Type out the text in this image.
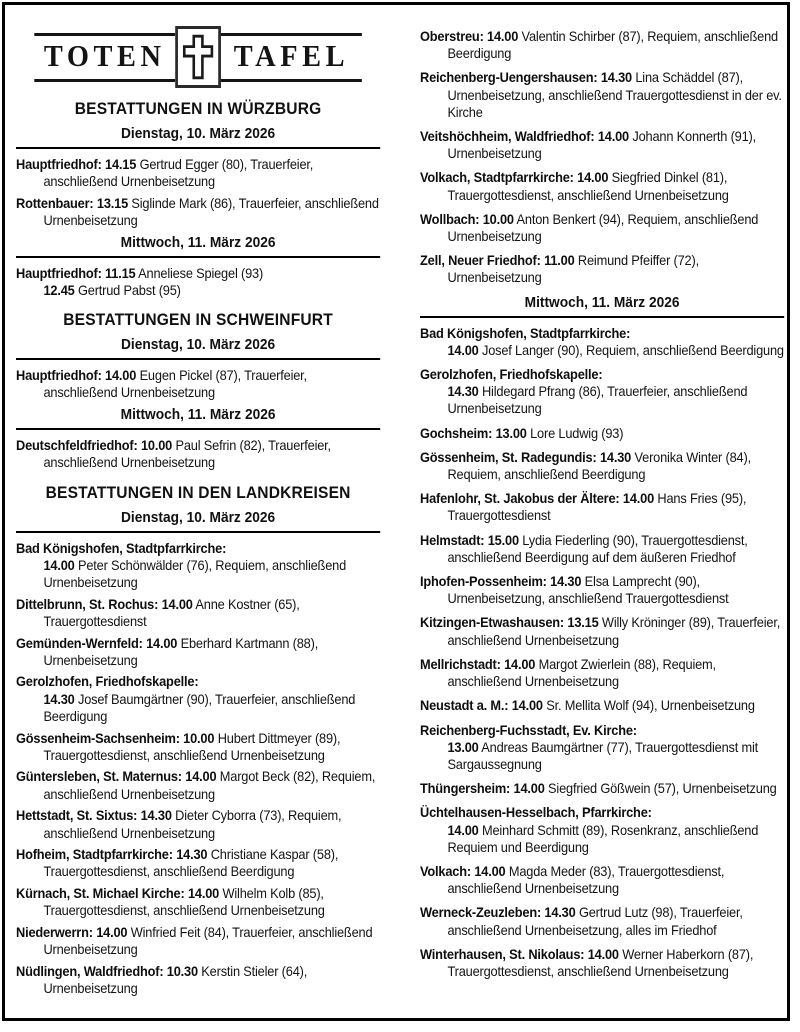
TOTEN	TAFEL
BESTATTUNGEN IN WÜRZBURG
Dienstag, 10. März 2026

Hauptfriedhof: 14.15 Gertrud Egger (80), Trauerfeier, anschließend Urnenbeisetzung

Rottenbauer: 13.15 Siglinde Mark (86), Trauerfeier, anschließend Urnenbeisetzung

Mittwoch, 11. März 2026

Hauptfriedhof: 11.15 Anneliese Spiegel (93)
12.45 Gertrud Pabst (95)

BESTATTUNGEN IN SCHWEINFURT
Dienstag, 10. März 2026

Hauptfriedhof: 14.00 Eugen Pickel (87), Trauerfeier, anschließend Urnenbeisetzung

Mittwoch, 11. März 2026

Deutschfeldfriedhof: 10.00 Paul Sefrin (82), Trauerfeier, anschließend Urnenbeisetzung

BESTATTUNGEN IN DEN LANDKREISEN
Dienstag, 10. März 2026

Bad Königshofen, Stadtpfarrkirche:
14.00 Peter Schönwälder (76), Requiem, anschließend Urnenbeisetzung

Dittelbrunn, St. Rochus: 14.00 Anne Kostner (65), Trauergottesdienst

Gemünden-Wernfeld: 14.00 Eberhard Kartmann (88), Urnenbeisetzung

Gerolzhofen, Friedhofskapelle:
14.30 Josef Baumgärtner (90), Trauerfeier, anschließend Beerdigung

Gössenheim-Sachsenheim: 10.00 Hubert Dittmeyer (89), Trauergottesdienst, anschließend Urnenbeisetzung

Güntersleben, St. Maternus: 14.00 Margot Beck (82), Requiem, anschließend Urnenbeisetzung

Hettstadt, St. Sixtus: 14.30 Dieter Cyborra (73), Requiem, anschließend Urnenbeisetzung

Hofheim, Stadtpfarrkirche: 14.30 Christiane Kaspar (58), Trauergottesdienst, anschließend Beerdigung

Kürnach, St. Michael Kirche: 14.00 Wilhelm Kolb (85), Trauergottesdienst, anschließend Urnenbeisetzung

Niederwerrn: 14.00 Winfried Feit (84), Trauerfeier, anschließend Urnenbeisetzung

Nüdlingen, Waldfriedhof: 10.30 Kerstin Stieler (64), Urnenbeisetzung

Oberstreu: 14.00 Valentin Schirber (87), Requiem, anschließend Beerdigung

Reichenberg-Uengershausen: 14.30 Lina Schäddel (87), Urnenbeisetzung, anschließend Trauergottesdienst in der ev. Kirche

Veitshöchheim, Waldfriedhof: 14.00 Johann Konnerth (91), Urnenbeisetzung

Volkach, Stadtpfarrkirche: 14.00 Siegfried Dinkel (81), Trauergottesdienst, anschließend Urnenbeisetzung

Wollbach: 10.00 Anton Benkert (94), Requiem, anschließend Urnenbeisetzung

Zell, Neuer Friedhof: 11.00 Reimund Pfeiffer (72), Urnenbeisetzung

Mittwoch, 11. März 2026

Bad Königshofen, Stadtpfarrkirche:
14.00 Josef Langer (90), Requiem, anschließend Beerdigung

Gerolzhofen, Friedhofskapelle:
14.30 Hildegard Pfrang (86), Trauerfeier, anschließend Urnenbeisetzung

Gochsheim: 13.00 Lore Ludwig (93)

Gössenheim, St. Radegundis: 14.30 Veronika Winter (84), Requiem, anschließend Beerdigung

Hafenlohr, St. Jakobus der Ältere: 14.00 Hans Fries (95), Trauergottesdienst

Helmstadt: 15.00 Lydia Fiederling (90), Trauergottesdienst, anschließend Beerdigung auf dem äußeren Friedhof

Iphofen-Possenheim: 14.30 Elsa Lamprecht (90), Urnenbeisetzung, anschließend Trauergottesdienst

Kitzingen-Etwashausen: 13.15 Willy Kröninger (89), Trauerfeier, anschließend Urnenbeisetzung

Mellrichstadt: 14.00 Margot Zwierlein (88), Requiem, anschließend Urnenbeisetzung

Neustadt a. M.: 14.00 Sr. Mellita Wolf (94), Urnenbeisetzung

Reichenberg-Fuchsstadt, Ev. Kirche:
13.00 Andreas Baumgärtner (77), Trauergottesdienst mit Sargaussegnung

Thüngersheim: 14.00 Siegfried Gößwein (57), Urnenbeisetzung

Üchtelhausen-Hesselbach, Pfarrkirche:
14.00 Meinhard Schmitt (89), Rosenkranz, anschließend Requiem und Beerdigung

Volkach: 14.00 Magda Meder (83), Trauergottesdienst, anschließend Urnenbeisetzung

Werneck-Zeuzleben: 14.30 Gertrud Lutz (98), Trauerfeier, anschließend Urnenbeisetzung, alles im Friedhof

Winterhausen, St. Nikolaus: 14.00 Werner Haberkorn (87), Trauergottesdienst, anschließend Urnenbeisetzung
